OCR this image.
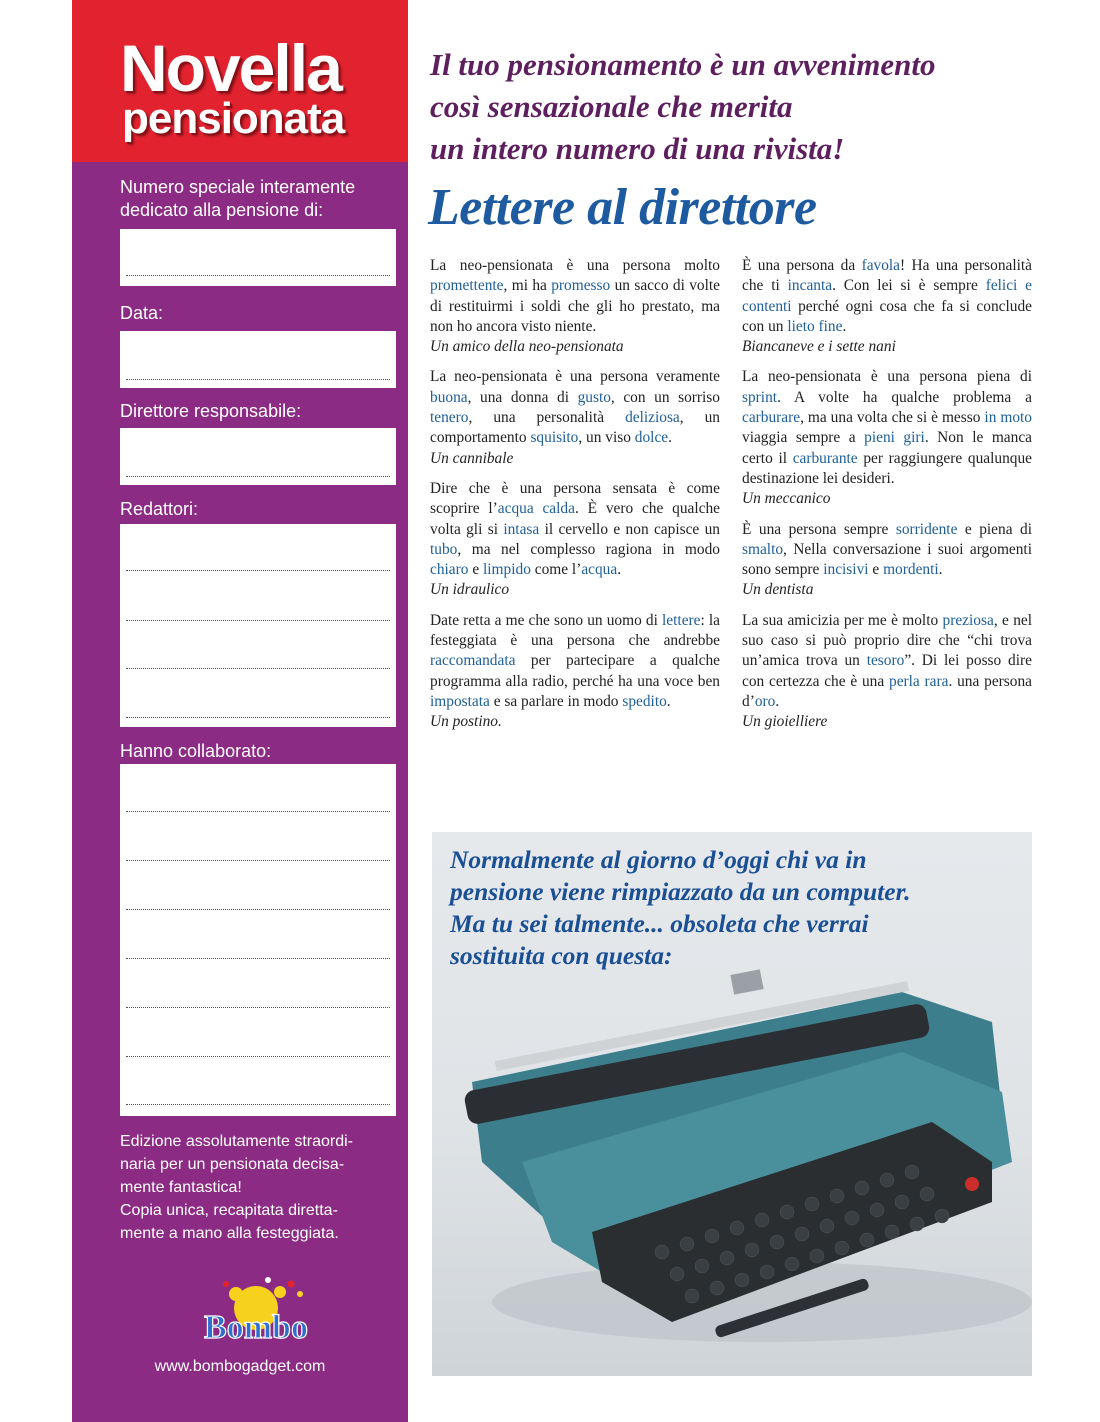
Novella
pensionata
Numero speciale interamente
dedicato alla pensione di:
Data:
Direttore responsabile:
Redattori:
Hanno collaborato:
Edizione assolutamente straordi-
naria per un pensionata decisa-
mente fantastica!
Copia unica, recapitata diretta-
mente a mano alla festeggiata.
Bombo
www.bombogadget.com
Il tuo pensionamento è un avvenimento
così sensazionale che merita
un intero numero di una rivista!
Lettere al direttore

La neo-pensionata è una persona molto promettente, mi ha promesso un sacco di volte di restituirmi i soldi che gli ho prestato, ma non ho ancora visto niente.

Un amico della neo-pensionata

La neo-pensionata è una persona veramente buona, una donna di gusto, con un sorriso tenero, una personalità deliziosa, un comportamento squisito, un viso dolce.

Un cannibale

Dire che è una persona sensata è come scoprire l’acqua calda. È vero che qualche volta gli si intasa il cervello e non capisce un tubo, ma nel complesso ragiona in modo chiaro e limpido come l’acqua.

Un idraulico

Date retta a me che sono un uomo di lettere: la festeggiata è una persona che andrebbe raccomandata per partecipare a qualche programma alla radio, perché ha una voce ben impostata e sa parlare in modo spedito.

Un postino.

È una persona da favola! Ha una personalità che ti incanta. Con lei si è sempre felici e contenti perché ogni cosa che fa si conclude con un lieto fine.

Biancaneve e i sette nani

La neo-pensionata è una persona piena di sprint. A volte ha qualche problema a carburare, ma una volta che si è messo in moto viaggia sempre a pieni giri. Non le manca certo il carburante per raggiungere qualunque destinazione lei desideri.

Un meccanico

È una persona sempre sorridente e piena di smalto, Nella conversazione i suoi argomenti sono sempre incisivi e mordenti.

Un dentista

La sua amicizia per me è molto preziosa, e nel suo caso si può proprio dire che “chi trova un’amica trova un tesoro”. Di lei posso dire con certezza che è una perla rara. una persona d’oro.

Un gioielliere

Normalmente al giorno d’oggi chi va in
pensione viene rimpiazzato da un computer.
Ma tu sei talmente... obsoleta che verrai
sostituita con questa:
